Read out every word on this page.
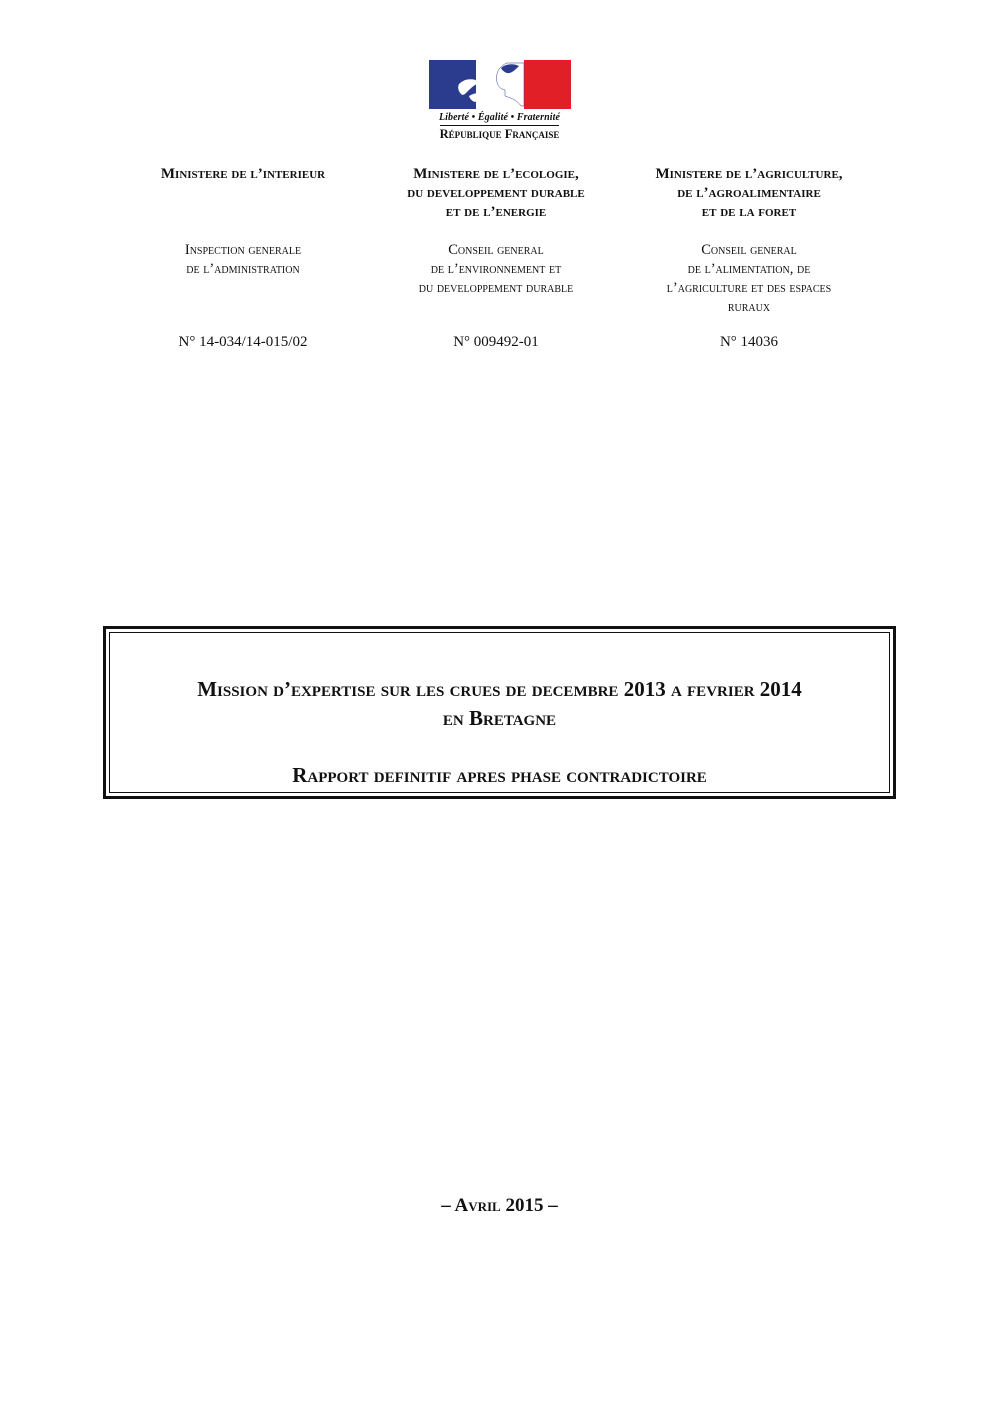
Liberté • Égalité • Fraternité
République Française

Ministere de l’interieur

Inspection generale
de l’administration

N° 14-034/14-015/02

Ministere de l’ecologie,
du developpement durable
et de l’energie

Conseil general
de l’environnement et
du developpement durable

N° 009492-01

Ministere de l’agriculture,
de l’agroalimentaire
et de la foret

Conseil general
de l’alimentation, de
l’agriculture et des espaces
ruraux

N° 14036

Mission d’expertise sur les crues de decembre 2013 a fevrier 2014
en Bretagne
Rapport definitif apres phase contradictoire
– Avril 2015 –
